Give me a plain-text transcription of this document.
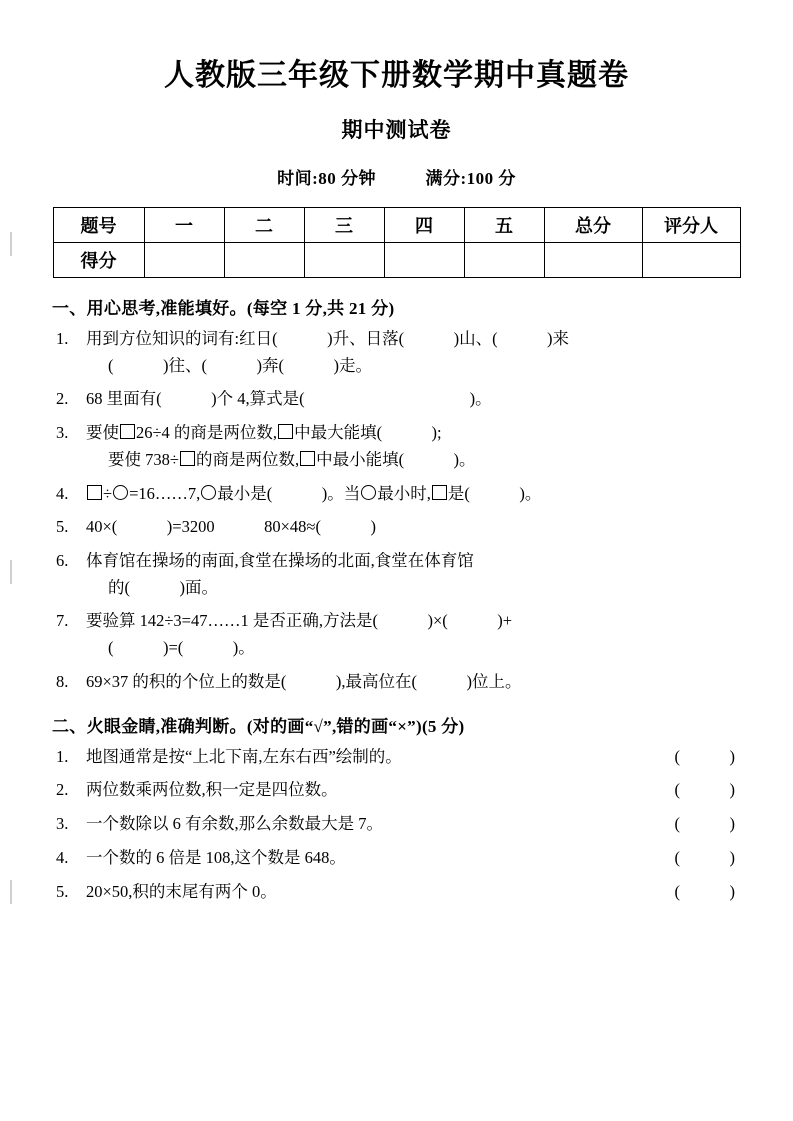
人教版三年级下册数学期中真题卷
期中测试卷
时间:80 分钟	满分:100 分
题号	一	二	三	四	五	总分	评分人
得分							
一、用心思考,准能填好。(每空 1 分,共 21 分)
1. 用到方位知识的词有:红日(　　　)升、日落(　　　)山、(　　　)来
(　　　)往、(　　　)奔(　　　)走。
2. 68 里面有(　　　)个 4,算式是(　　　　　　　　　　)。
3. 要使 26÷4 的商是两位数, 中最大能填(　　　);
要使 738÷ 的商是两位数, 中最小能填(　　　)。
4.	÷ =16……7, 最小是(　　　)。当 最小时, 是(　　　)。
5. 40×(　　　)=3200　　　80×48≈(　　　)
6. 体育馆在操场的南面,食堂在操场的北面,食堂在体育馆
的(　　　)面。
7. 要验算 142÷3=47……1 是否正确,方法是(　　　)×(　　　)+
(　　　)=(　　　)。
8. 69×37 的积的个位上的数是(　　　),最高位在(　　　)位上。
二、火眼金睛,准确判断。(对的画“√”,错的画“×”)(5 分)
1. 地图通常是按“上北下南,左东右西”绘制的。	(　　　)
2. 两位数乘两位数,积一定是四位数。	(　　　)
3. 一个数除以 6 有余数,那么余数最大是 7。	(　　　)
4. 一个数的 6 倍是 108,这个数是 648。	(　　　)
5. 20×50,积的末尾有两个 0。	(　　　)
